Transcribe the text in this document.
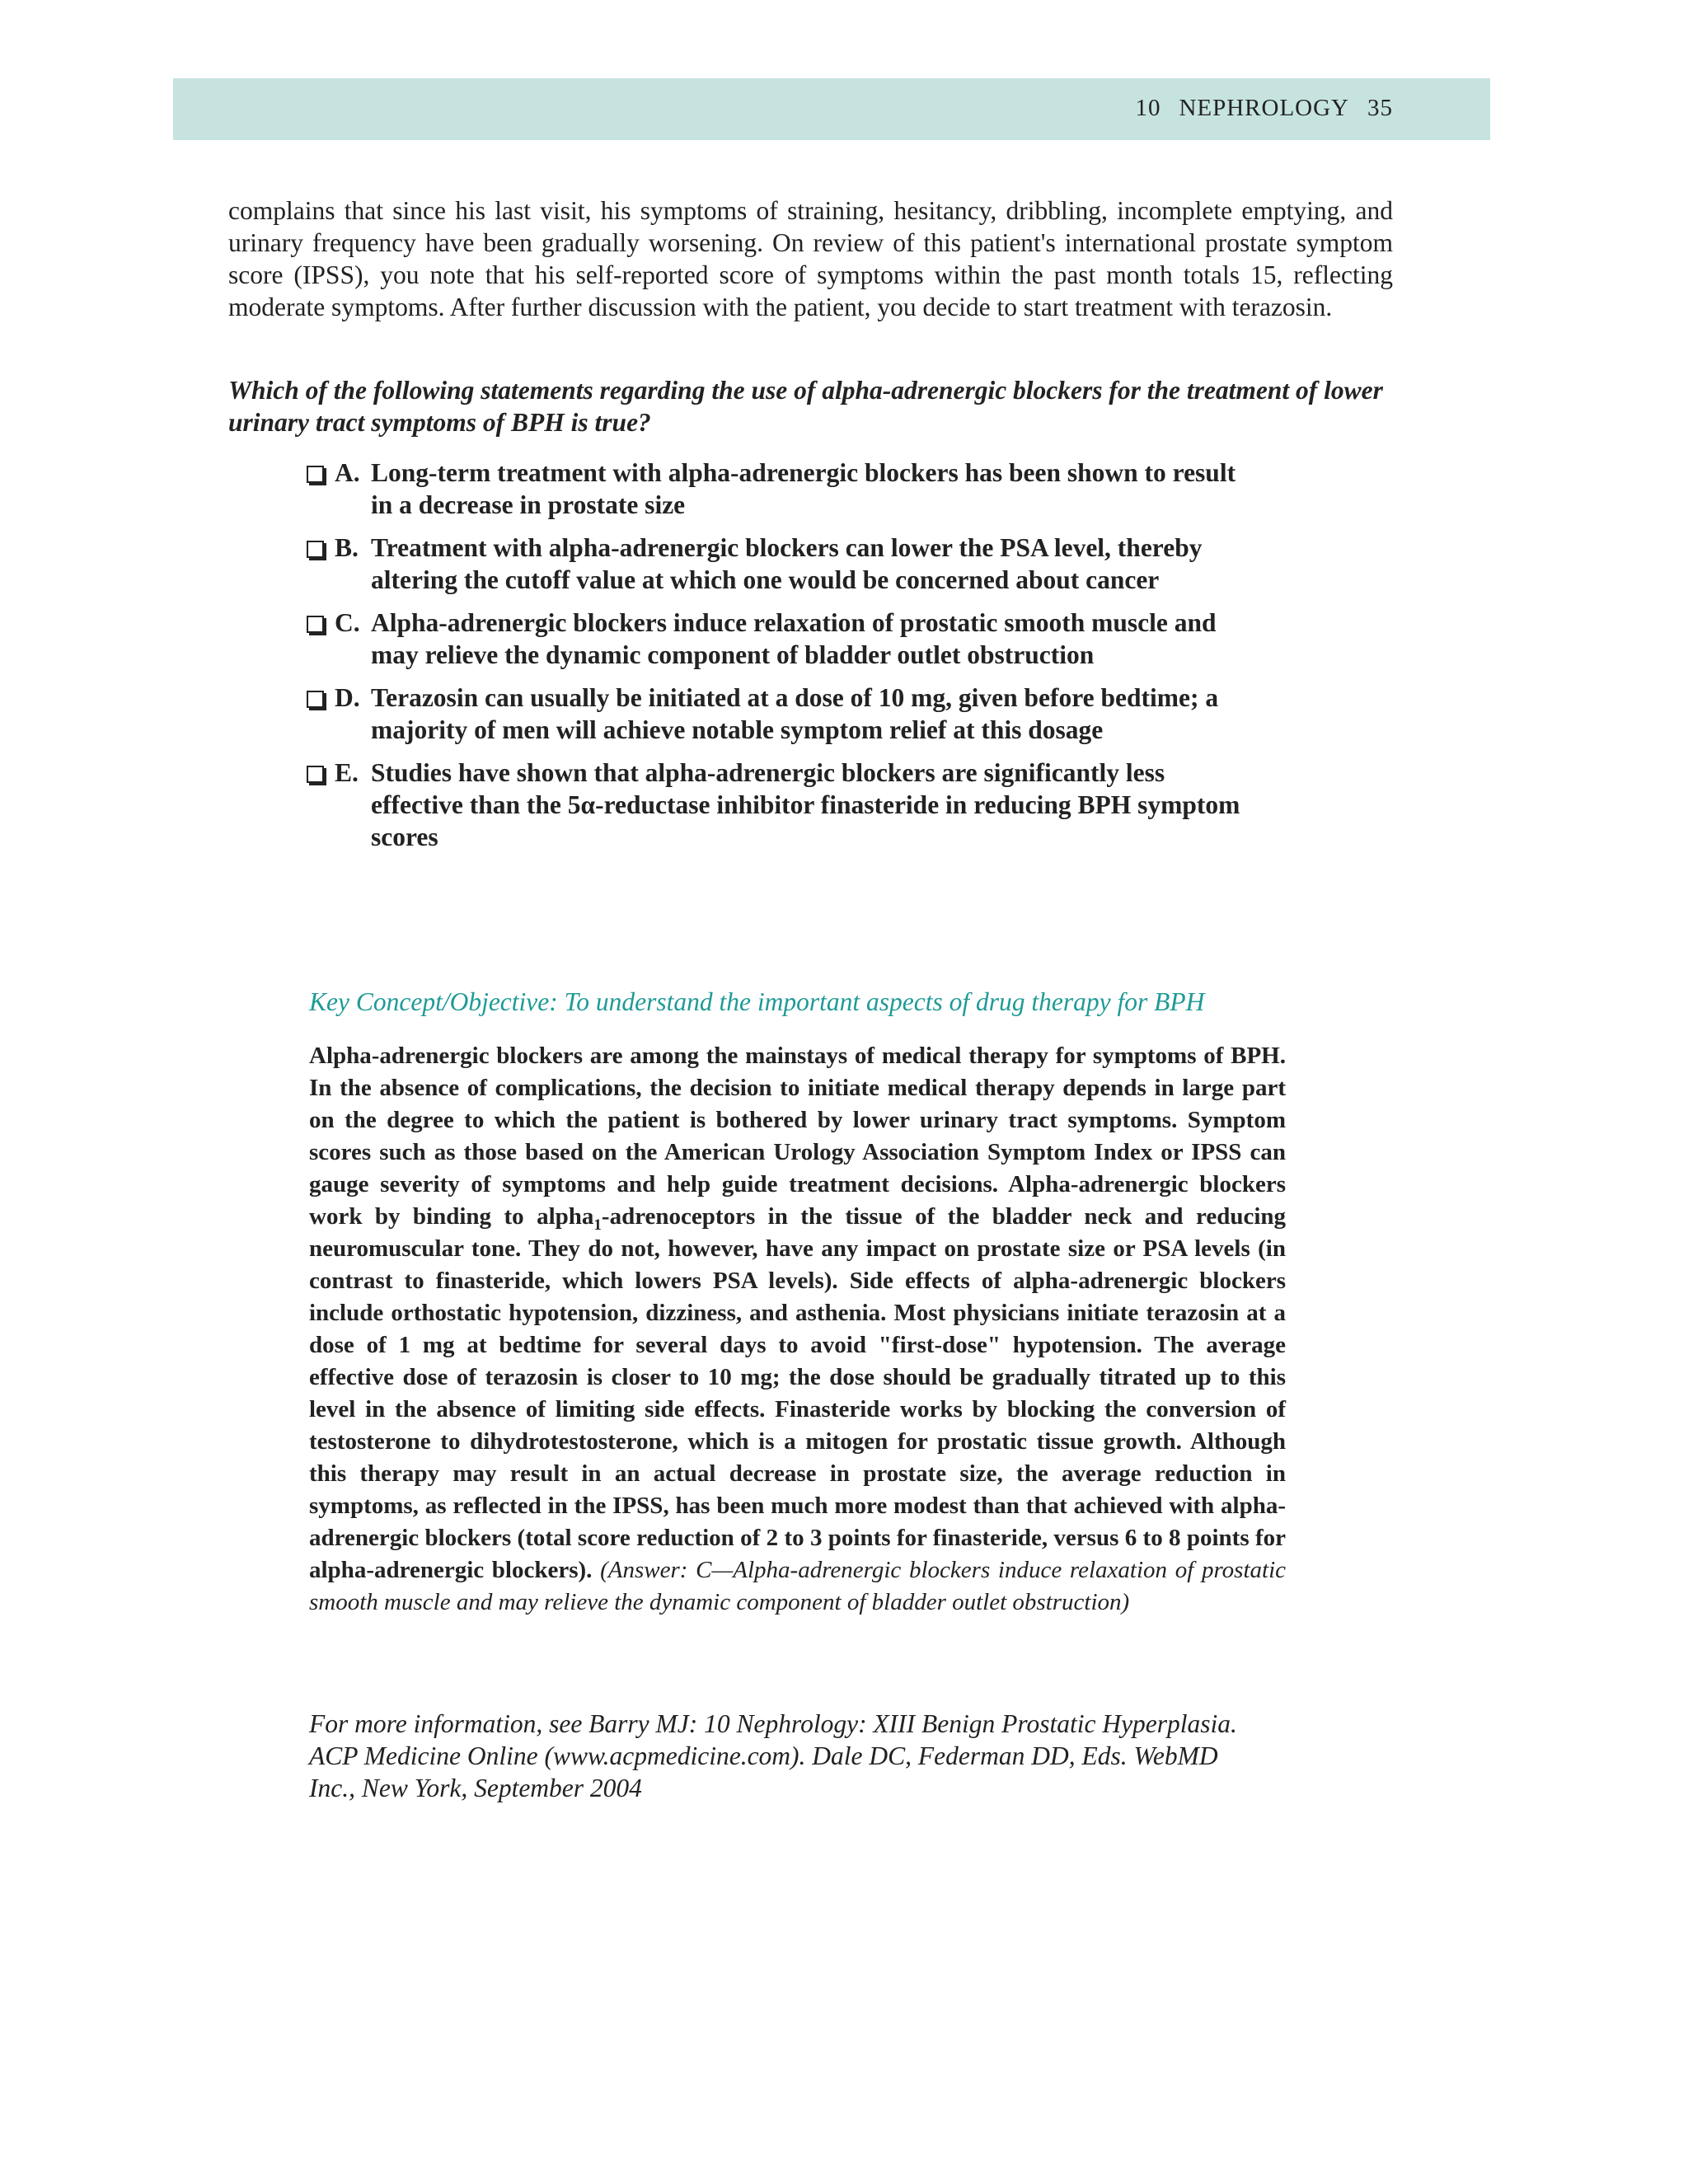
10 NEPHROLOGY 35

complains that since his last visit, his symptoms of straining, hesitancy, dribbling, incomplete emptying, and urinary frequency have been gradually worsening. On review of this patient's international prostate symptom score (IPSS), you note that his self-reported score of symptoms within the past month totals 15, reflecting moderate symptoms. After further discussion with the patient, you decide to start treatment with terazosin.

Which of the following statements regarding the use of alpha-adrenergic blockers for the treatment of lower urinary tract symptoms of BPH is true?

A. Long-term treatment with alpha-adrenergic blockers has been shown to result in a decrease in prostate size
B. Treatment with alpha-adrenergic blockers can lower the PSA level, thereby altering the cutoff value at which one would be concerned about cancer
C. Alpha-adrenergic blockers induce relaxation of prostatic smooth muscle and may relieve the dynamic component of bladder outlet obstruction
D. Terazosin can usually be initiated at a dose of 10 mg, given before bedtime; a majority of men will achieve notable symptom relief at this dosage
E. Studies have shown that alpha-adrenergic blockers are significantly less effective than the 5α-reductase inhibitor finasteride in reducing BPH symptom scores

Key Concept/Objective: To understand the important aspects of drug therapy for BPH

Alpha-adrenergic blockers are among the mainstays of medical therapy for symptoms of BPH. In the absence of complications, the decision to initiate medical therapy depends in large part on the degree to which the patient is bothered by lower urinary tract symptoms. Symptom scores such as those based on the American Urology Association Symptom Index or IPSS can gauge severity of symptoms and help guide treatment decisions. Alpha-adrenergic blockers work by binding to alpha$_1$-adrenoceptors in the tissue of the bladder neck and reducing neuromuscular tone. They do not, however, have any impact on prostate size or PSA levels (in contrast to finasteride, which lowers PSA levels). Side effects of alpha-adrenergic blockers include orthostatic hypotension, dizziness, and asthenia. Most physicians initiate terazosin at a dose of 1 mg at bedtime for several days to avoid "first-dose" hypotension. The average effective dose of terazosin is closer to 10 mg; the dose should be gradually titrated up to this level in the absence of limiting side effects. Finasteride works by blocking the conversion of testosterone to dihydrotestosterone, which is a mitogen for prostatic tissue growth. Although this therapy may result in an actual decrease in prostate size, the average reduction in symptoms, as reflected in the IPSS, has been much more modest than that achieved with alpha-adrenergic blockers (total score reduction of 2 to 3 points for finasteride, versus 6 to 8 points for alpha-adrenergic blockers). (Answer: C—Alpha-adrenergic blockers induce relaxation of prostatic smooth muscle and may relieve the dynamic component of bladder outlet obstruction)

For more information, see Barry MJ: 10 Nephrology: XIII Benign Prostatic Hyperplasia.
ACP Medicine Online (www.acpmedicine.com). Dale DC, Federman DD, Eds. WebMD
Inc., New York, September 2004
